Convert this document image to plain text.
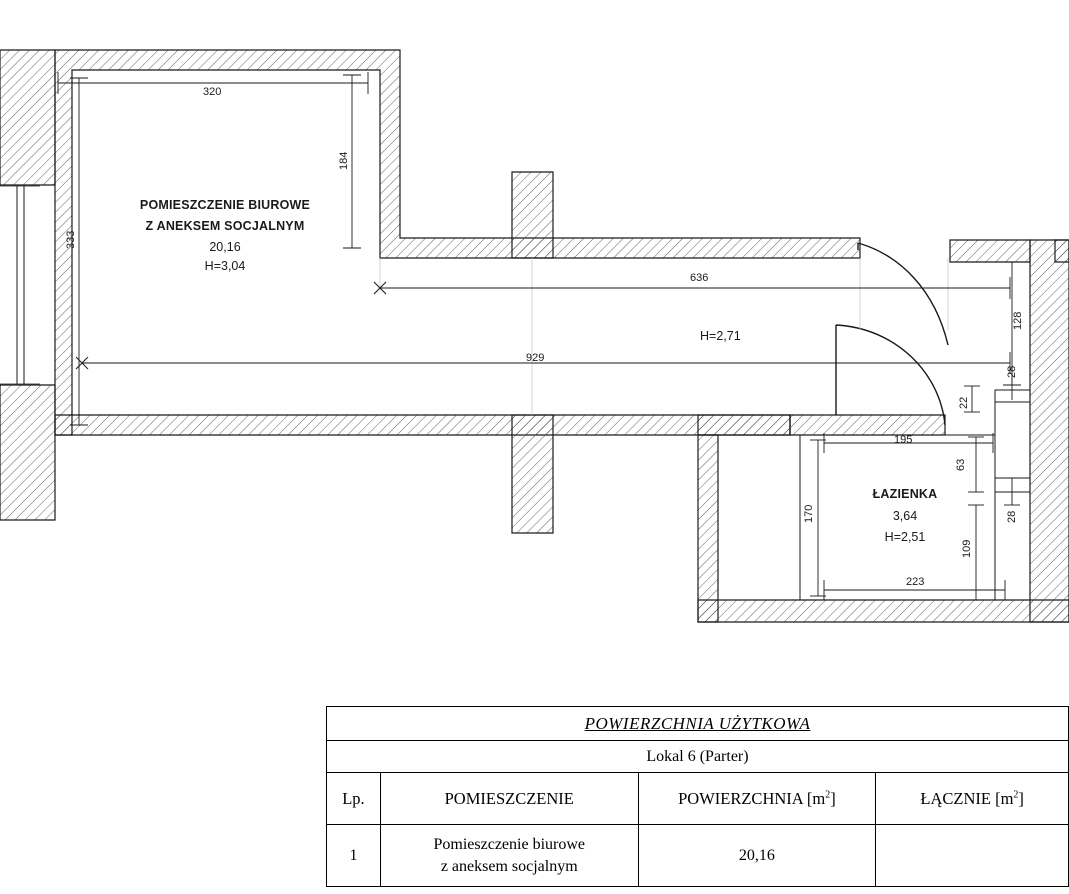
POMIESZCZENIE BIUROWE
Z ANEKSEM SOCJALNYM
20,16
H=3,04
ŁAZIENKA
3,64
H=2,51
H=2,71
320
636
929
195
223
184
333
128
28
22
63
28
170
109
POWIERZCHNIA UŻYTKOWA			
Lokal 6 (Parter)			
Lp.	POMIESZCZENIE	POWIERZCHNIA $[m^2]$	ŁĄCZNIE $[m^2]$
1	Pomieszczenie biurowe
z aneksem socjalnym	20,16	
